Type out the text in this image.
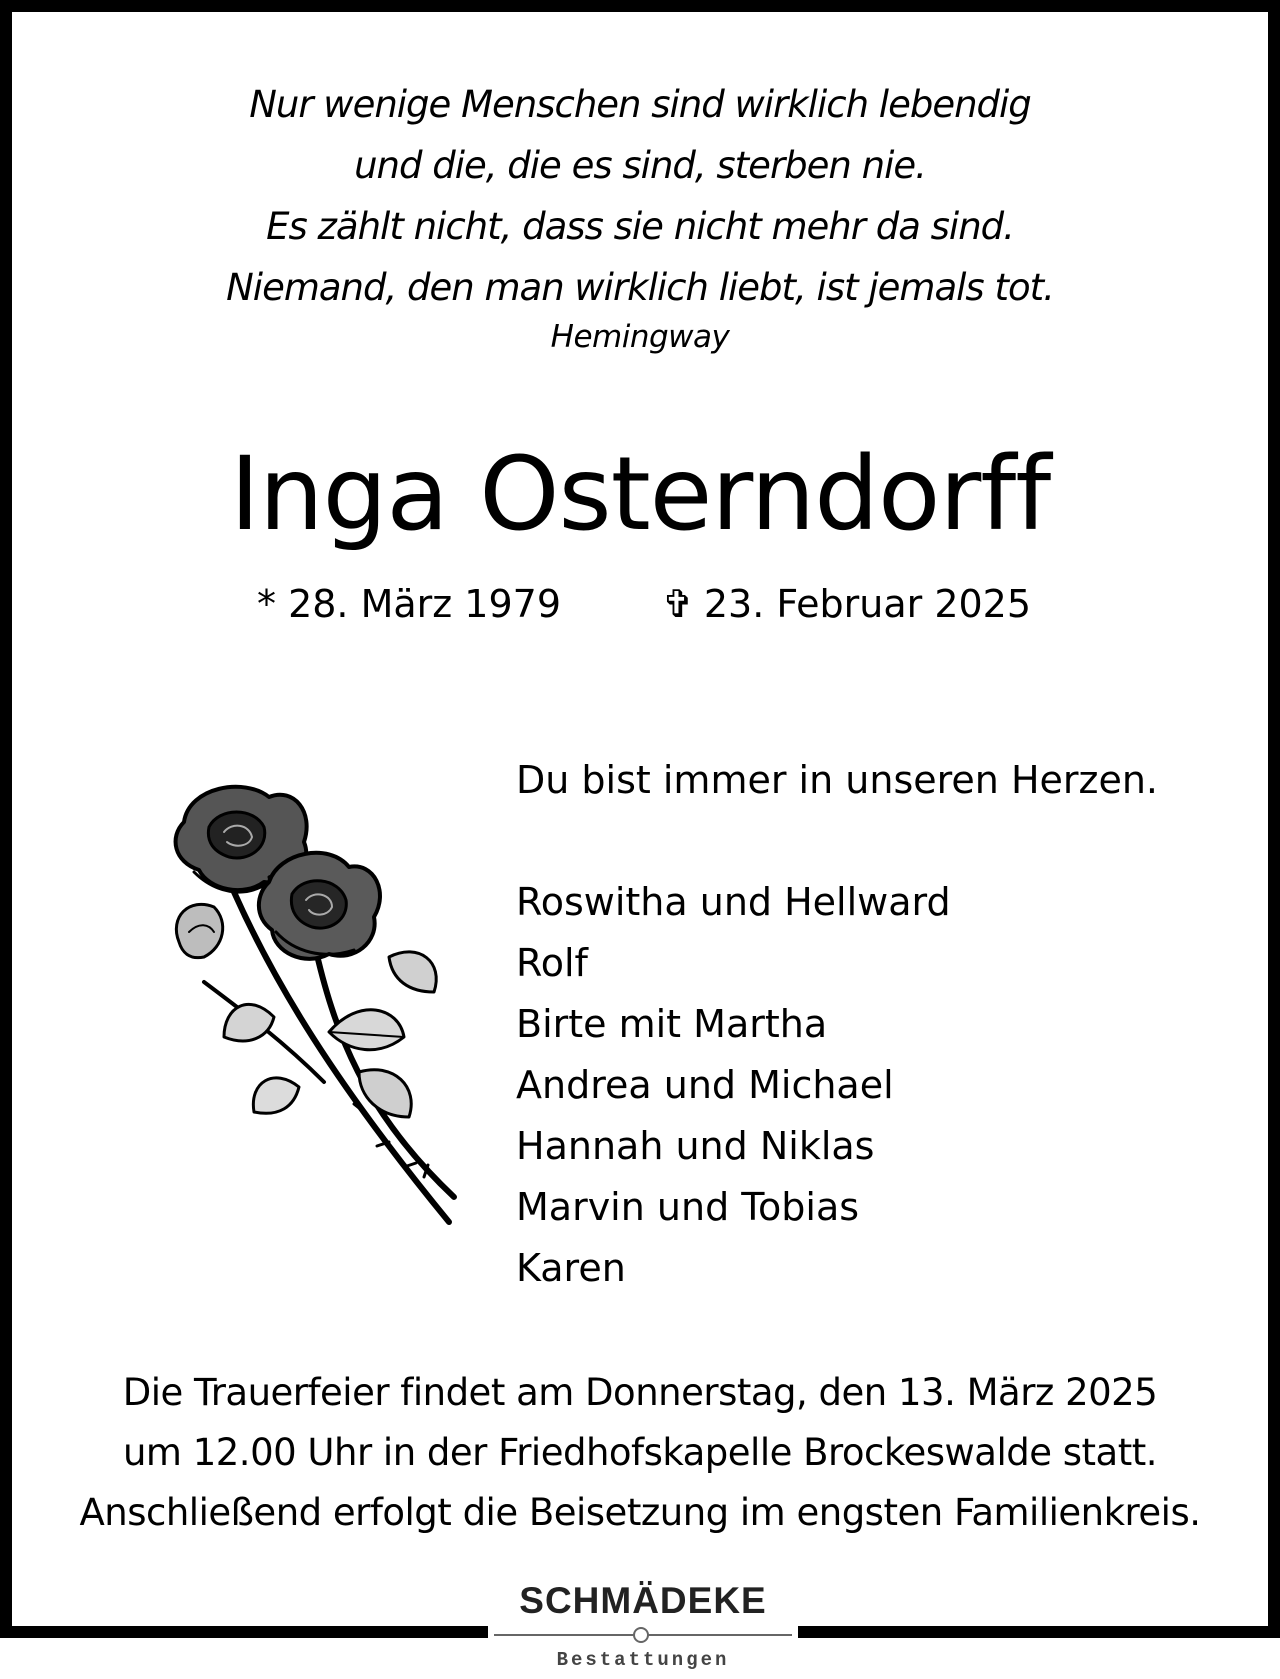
Nur wenige Menschen sind wirklich lebendig
und die, die es sind, sterben nie.
Es zählt nicht, dass sie nicht mehr da sind.
Niemand, den man wirklich liebt, ist jemals tot.
Hemingway
Inga Osterndorff
* 28. März 1979	✞ 23. Februar 2025
Du bist immer in unseren Herzen.
Roswitha und Hellward
Rolf
Birte mit Martha
Andrea und Michael
Hannah und Niklas
Marvin und Tobias
Karen
Die Trauerfeier findet am Donnerstag, den 13. März 2025
um 12.00 Uhr in der Friedhofskapelle Brockeswalde statt.
Anschließend erfolgt die Beisetzung im engsten Familienkreis.
SCHMÄDEKE
Bestattungen
